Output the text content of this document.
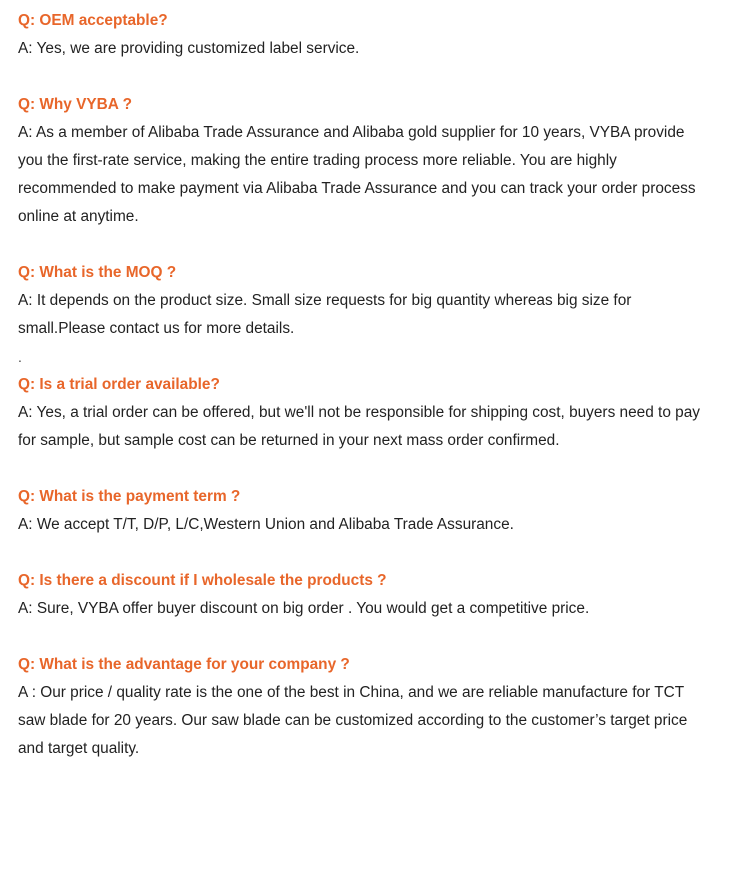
Q: OEM acceptable?
A: Yes, we are providing customized label service.
Q: Why VYBA ?
A: As a member of Alibaba Trade Assurance and Alibaba gold supplier for 10 years, VYBA provide
you the first-rate service, making the entire trading process more reliable. You are highly
recommended to make payment via Alibaba Trade Assurance and you can track your order process
online at anytime.
Q: What is the MOQ ?
A: It depends on the product size. Small size requests for big quantity whereas big size for
small.Please contact us for more details.
.
Q: Is a trial order available?
A: Yes, a trial order can be offered, but we'll not be responsible for shipping cost, buyers need to pay
for sample, but sample cost can be returned in your next mass order confirmed.
Q: What is the payment term ?
A: We accept T/T, D/P, L/C,Western Union and Alibaba Trade Assurance.
Q: Is there a discount if I wholesale the products ?
A: Sure, VYBA offer buyer discount on big order . You would get a competitive price.
Q: What is the advantage for your company ?
A : Our price / quality rate is the one of the best in China, and we are reliable manufacture for TCT
saw blade for 20 years. Our saw blade can be customized according to the customer’s target price
and target quality.
